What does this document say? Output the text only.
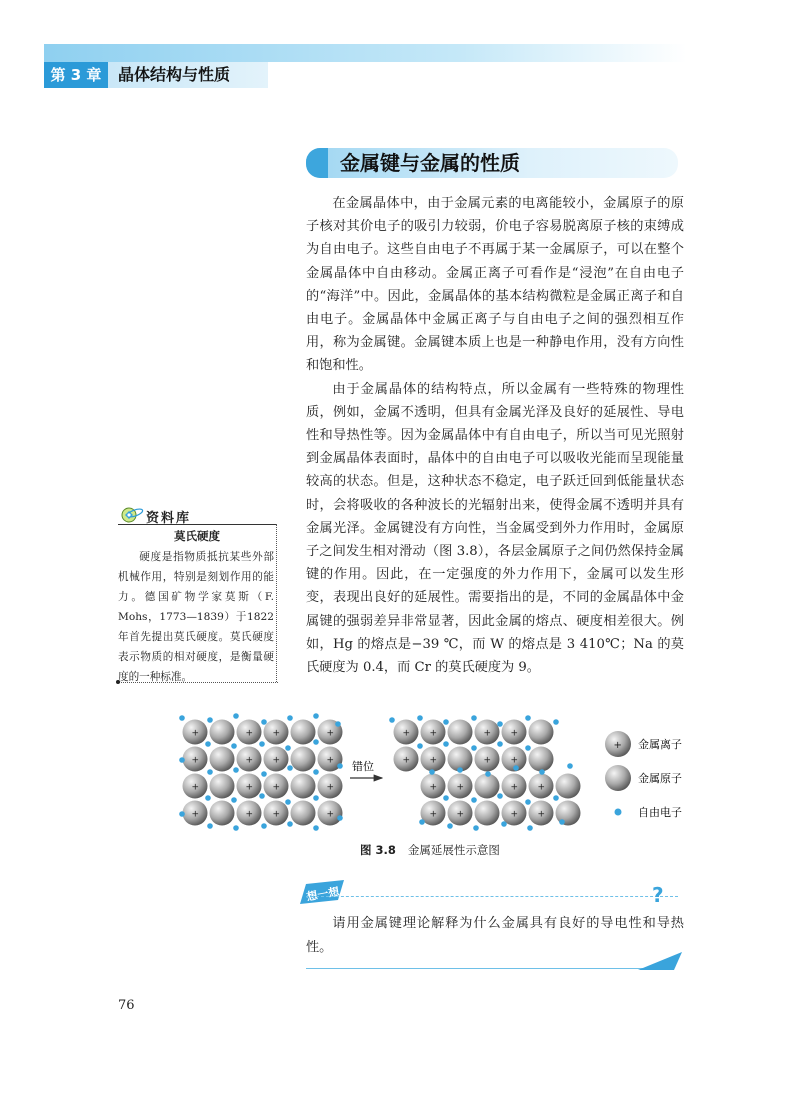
第 3 章	晶体结构与性质
金属键与金属的性质

在金属晶体中，由于金属元素的电离能较小，金属原子的原子核对其价电子的吸引力较弱，价电子容易脱离原子核的束缚成为自由电子。这些自由电子不再属于某一金属原子，可以在整个金属晶体中自由移动。金属正离子可看作是“浸泡”在自由电子的“海洋”中。因此，金属晶体的基本结构微粒是金属正离子和自由电子。金属晶体中金属正离子与自由电子之间的强烈相互作用，称为金属键。金属键本质上也是一种静电作用，没有方向性和饱和性。

由于金属晶体的结构特点，所以金属有一些特殊的物理性质，例如，金属不透明，但具有金属光泽及良好的延展性、导电性和导热性等。因为金属晶体中有自由电子，所以当可见光照射到金属晶体表面时，晶体中的自由电子可以吸收光能而呈现能量较高的状态。但是，这种状态不稳定，电子跃迁回到低能量状态时，会将吸收的各种波长的光辐射出来，使得金属不透明并具有金属光泽。金属键没有方向性，当金属受到外力作用时，金属原子之间发生相对滑动（图 3.8），各层金属原子之间仍然保持金属键的作用。因此，在一定强度的外力作用下，金属可以发生形变，表现出良好的延展性。需要指出的是，不同的金属晶体中金属键的强弱差异非常显著，因此金属的熔点、硬度相差很大。例如，Hg 的熔点是−39 ℃，而 W 的熔点是 3 410℃；Na 的莫氏硬度为 0.4，而 Cr 的莫氏硬度为 9。

资料库
莫氏硬度

硬度是指物质抵抗某些外部机械作用，特别是刻划作用的能力。德国矿物学家莫斯（F. Mohs，1773—1839）于1822年首先提出莫氏硬度。莫氏硬度表示物质的相对硬度，是衡量硬度的一种标准。

+	+ +	+
+	+ +	+
+	+ +	+
+	+ +	+
+ +	+ +
+ +	+ +
+ +	+ +
+ +	+ +
错位
+ 金属离子
金属原子
自由电子
图 3.8 金属延展性示意图
想一想	?

请用金属键理论解释为什么金属具有良好的导电性和导热性。

76
